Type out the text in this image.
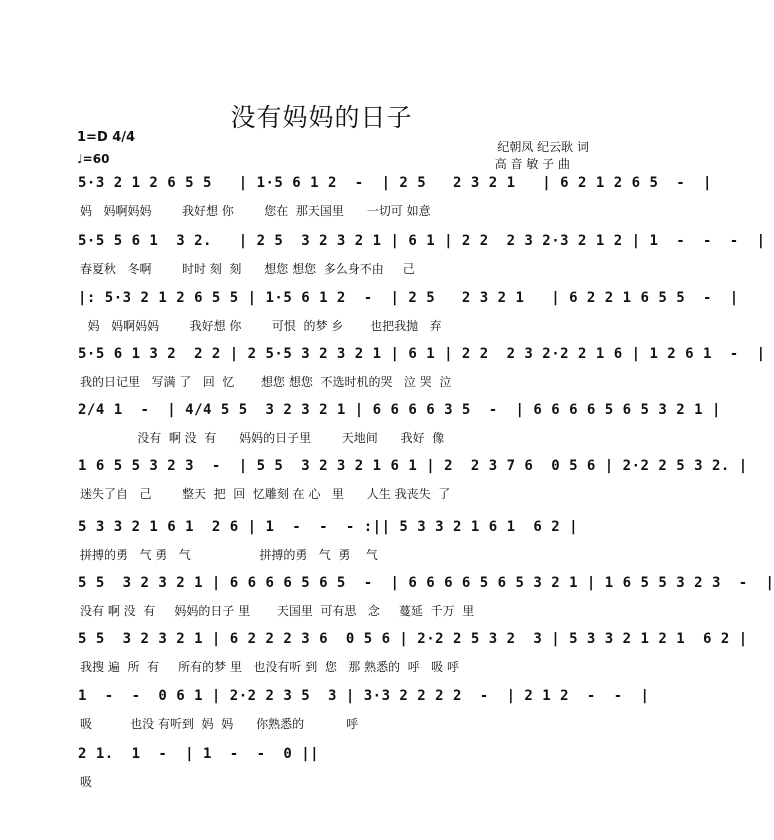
没有妈妈的日子
纪朝凤 纪云耿 词
高 音 敏 子 曲
1=D 4/4
♩=60
5·3 2 1 2 6 5 5   | 1·5 6 1 2  -  | 2 5   2 3 2 1   | 6 2 1 2 6 5  -  |
妈   妈啊妈妈        我好想 你        您在  那天国里      一切可 如意
5·5 5 6 1  3 2.   | 2 5  3 2 3 2 1 | 6 1 | 2 2  2 3 2·3 2 1 2 | 1  -  -  -  |
春夏秋   冬啊        时时 刻  刻      想您 想您  多么身不由     己
|: 5·3 2 1 2 6 5 5 | 1·5 6 1 2  -  | 2 5   2 3 2 1   | 6 2 2 1 6 5 5  -  |
妈   妈啊妈妈        我好想 你        可恨  的梦 乡       也把我抛   弃
5·5 6 1 3 2  2 2 | 2 5·5 3 2 3 2 1 | 6 1 | 2 2  2 3 2·2 2 1 6 | 1 2 6 1  -  |
我的日记里   写满 了   回  忆       想您 想您  不选时机的哭   泣 哭  泣
2/4 1  -  | 4/4 5 5  3 2 3 2 1 | 6 6 6 6 3 5  -  | 6 6 6 6 5 6 5 3 2 1 |
没有  啊 没  有      妈妈的日子里        天地间      我好  像
1 6 5 5 3 2 3  -  | 5 5  3 2 3 2 1 6 1 | 2  2 3 7 6  0 5 6 | 2·2 2 5 3 2. |
迷失了自   己        整天  把  回  忆雕刻 在 心   里      人生 我丧失  了
5 3 3 2 1 6 1  2 6 | 1  -  -  - :|| 5 3 3 2 1 6 1  6 2 |
拼搏的勇   气 勇   气                  拼搏的勇   气  勇    气
5 5  3 2 3 2 1 | 6 6 6 6 5 6 5  -  | 6 6 6 6 5 6 5 3 2 1 | 1 6 5 5 3 2 3  -  |
没有 啊 没  有     妈妈的日子 里       天国里  可有思   念     蔓延  千万  里
5 5  3 2 3 2 1 | 6 2 2 2 3 6  0 5 6 | 2·2 2 5 3 2  3 | 5 3 3 2 1 2 1  6 2 |
我搜 遍  所  有     所有的梦 里   也没有听 到  您   那 熟悉的  呼   吸 呼
1  -  -  0 6 1 | 2·2 2 3 5  3 | 3·3 2 2 2 2  -  | 2 1 2  -  -  |
吸          也没 有听到  妈  妈      你熟悉的           呼
2 1.  1  -  | 1  -  -  0 ||
吸
